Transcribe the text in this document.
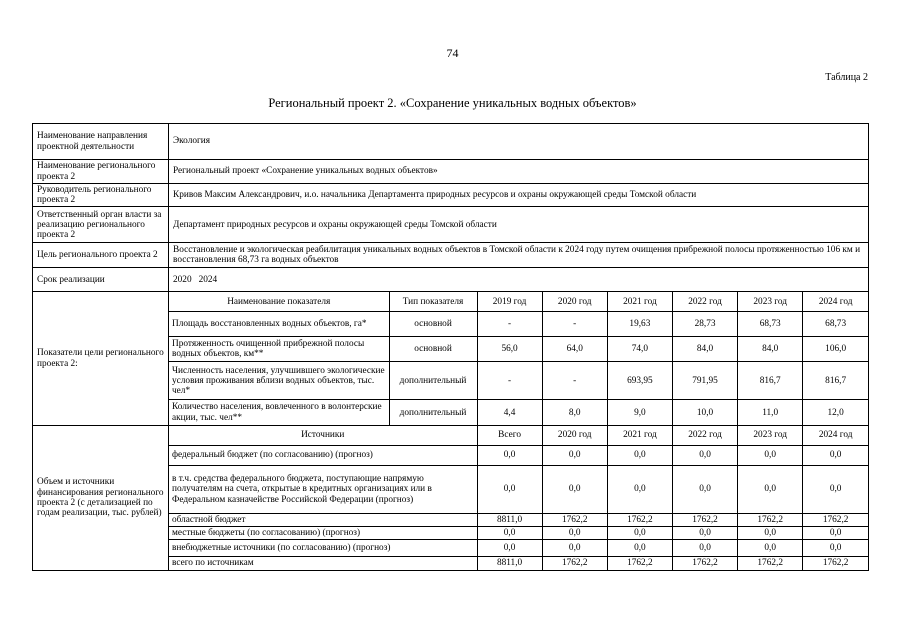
74
Таблица 2
Региональный проект 2. «Сохранение уникальных водных объектов»
Наименование направления проектной деятельности	Экология
Наименование регионального проекта 2	Региональный проект «Сохранение уникальных водных объектов»
Руководитель регионального проекта 2	Кривов Максим Александрович, и.о. начальника Департамента природных ресурсов и охраны окружающей среды Томской области
Ответственный орган власти за реализацию регионального проекта 2	Департамент природных ресурсов и охраны окружающей среды Томской области
Цель регионального проекта 2	Восстановление и экологическая реабилитация уникальных водных объектов в Томской области к 2024 году путем очищения прибрежной полосы протяженностью 106 км и восстановления 68,73 га водных объектов
Срок реализации	2020   2024
Показатели цели регионального проекта 2:	
Наименование показателя	Тип показателя	2019 год	2020 год	2021 год	2022 год	2023 год	2024 год
Площадь восстановленных водных объектов, га*	основной	-	-	19,63	28,73	68,73	68,73
Протяженность очищенной прибрежной полосы водных объектов, км**	основной	56,0	64,0	74,0	84,0	84,0	106,0
Численность населения, улучшившего экологические условия проживания вблизи водных объектов, тыс. чел*	дополнительный	-	-	693,95	791,95	816,7	816,7
Количество населения, вовлеченного в волонтерские акции, тыс. чел**	дополнительный	4,4	8,0	9,0	10,0	11,0	12,0

Объем и источники финансирования регионального проекта 2 (с детализацией по годам реализации, тыс. рублей)	
Источники	Всего	2020 год	2021 год	2022 год	2023 год	2024 год
федеральный бюджет (по согласованию) (прогноз)	0,0	0,0	0,0	0,0	0,0	0,0
в т.ч. средства федерального бюджета, поступающие напрямую получателям на счета, открытые в кредитных организациях или в Федеральном казначействе Российской Федерации (прогноз)	0,0	0,0	0,0	0,0	0,0	0,0
областной бюджет	8811,0	1762,2	1762,2	1762,2	1762,2	1762,2
местные бюджеты (по согласованию) (прогноз)	0,0	0,0	0,0	0,0	0,0	0,0
внебюджетные источники (по согласованию) (прогноз)	0,0	0,0	0,0	0,0	0,0	0,0
всего по источникам	8811,0	1762,2	1762,2	1762,2	1762,2	1762,2
